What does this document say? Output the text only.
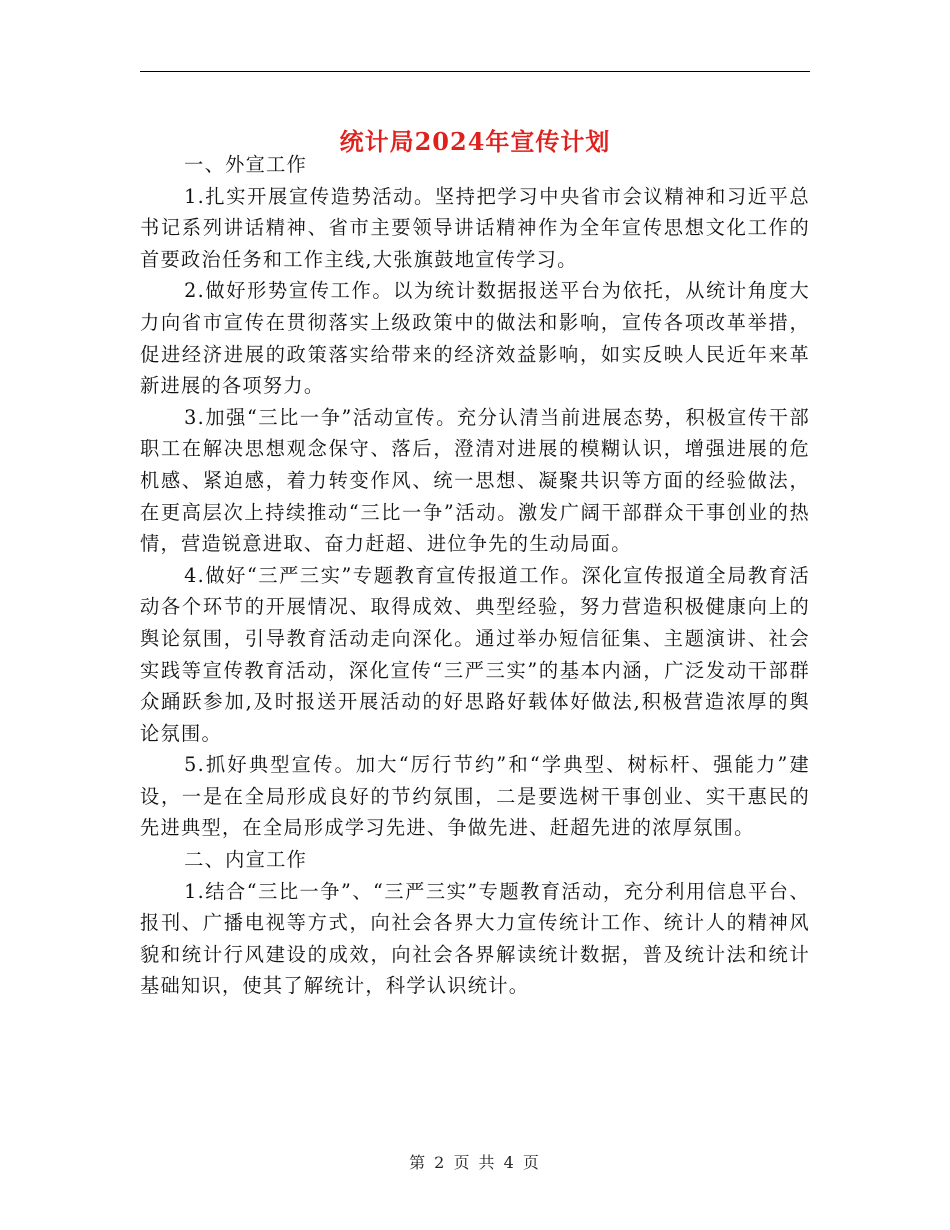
统计局2024年宣传计划

一、外宣工作

1.扎实开展宣传造势活动。坚持把学习中央省市会议精神和习近平总书记系列讲话精神、省市主要领导讲话精神作为全年宣传思想文化工作的首要政治任务和工作主线,大张旗鼓地宣传学习。

2.做好形势宣传工作。以为统计数据报送平台为依托，从统计角度大力向省市宣传在贯彻落实上级政策中的做法和影响，宣传各项改革举措，促进经济进展的政策落实给带来的经济效益影响，如实反映人民近年来革新进展的各项努力。

3.加强“三比一争”活动宣传。充分认清当前进展态势，积极宣传干部职工在解决思想观念保守、落后，澄清对进展的模糊认识，增强进展的危机感、紧迫感，着力转变作风、统一思想、凝聚共识等方面的经验做法，在更高层次上持续推动“三比一争”活动。激发广阔干部群众干事创业的热情，营造锐意进取、奋力赶超、进位争先的生动局面。

4.做好“三严三实”专题教育宣传报道工作。深化宣传报道全局教育活动各个环节的开展情况、取得成效、典型经验，努力营造积极健康向上的舆论氛围，引导教育活动走向深化。通过举办短信征集、主题演讲、社会实践等宣传教育活动，深化宣传“三严三实”的基本内涵，广泛发动干部群众踊跃参加,及时报送开展活动的好思路好载体好做法,积极营造浓厚的舆论氛围。

5.抓好典型宣传。加大“厉行节约”和“学典型、树标杆、强能力”建设，一是在全局形成良好的节约氛围，二是要选树干事创业、实干惠民的先进典型，在全局形成学习先进、争做先进、赶超先进的浓厚氛围。

二、内宣工作

1.结合“三比一争”、“三严三实”专题教育活动，充分利用信息平台、报刊、广播电视等方式，向社会各界大力宣传统计工作、统计人的精神风貌和统计行风建设的成效，向社会各界解读统计数据，普及统计法和统计基础知识，使其了解统计，科学认识统计。

第 2 页 共 4 页
